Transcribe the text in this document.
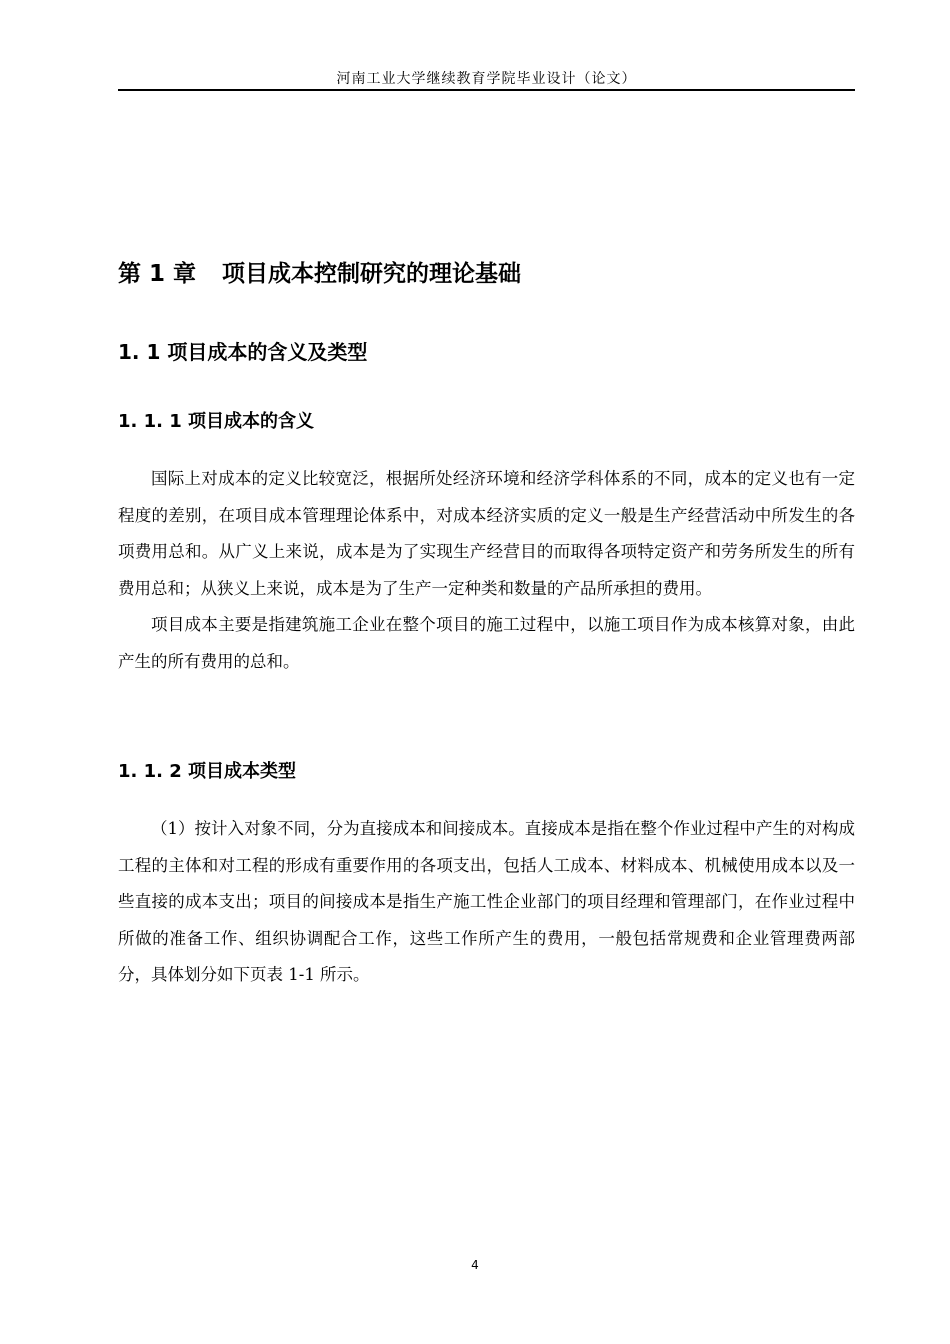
河南工业大学继续教育学院毕业设计（论文）
第 1 章 项目成本控制研究的理论基础
1. 1 项目成本的含义及类型
1. 1. 1 项目成本的含义

国际上对成本的定义比较宽泛，根据所处经济环境和经济学科体系的不同，成本的定义也有一定程度的差别，在项目成本管理理论体系中，对成本经济实质的定义一般是生产经营活动中所发生的各项费用总和。从广义上来说，成本是为了实现生产经营目的而取得各项特定资产和劳务所发生的所有费用总和；从狭义上来说，成本是为了生产一定种类和数量的产品所承担的费用。

项目成本主要是指建筑施工企业在整个项目的施工过程中，以施工项目作为成本核算对象，由此产生的所有费用的总和。

1. 1. 2 项目成本类型

（1）按计入对象不同，分为直接成本和间接成本。直接成本是指在整个作业过程中产生的对构成工程的主体和对工程的形成有重要作用的各项支出，包括人工成本、材料成本、机械使用成本以及一些直接的成本支出；项目的间接成本是指生产施工性企业部门的项目经理和管理部门，在作业过程中所做的准备工作、组织协调配合工作，这些工作所产生的费用，一般包括常规费和企业管理费两部分，具体划分如下页表 1-1 所示。

4
